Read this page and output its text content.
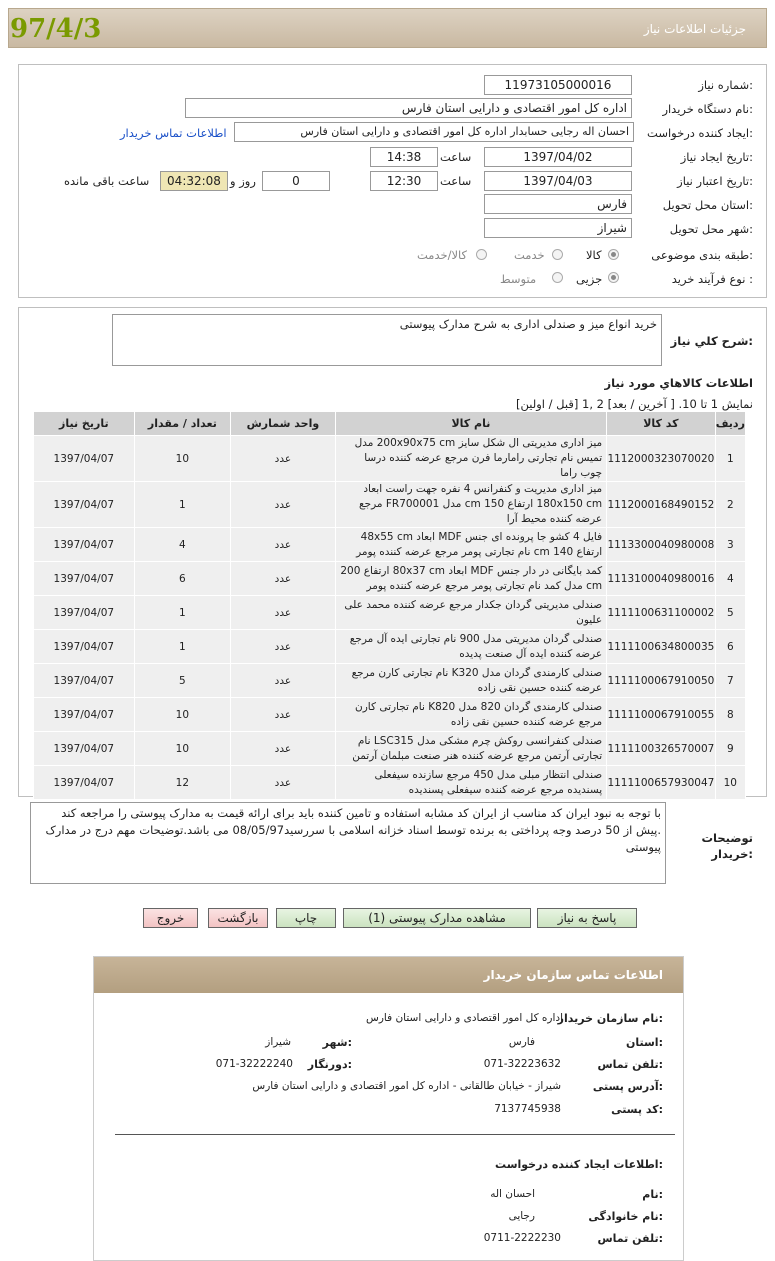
جزئیات اطلاعات نیاز
97/4/3
شماره نیاز:
11973105000016
نام دستگاه خریدار:
اداره کل امور اقتصادی و دارایی استان فارس
ایجاد کننده درخواست:
احسان اله رجایی حسابدار اداره کل امور اقتصادی و دارایی استان فارس
اطلاعات تماس خریدار
تاریخ ایجاد نیاز:
1397/04/02
ساعت
14:38
تاریخ اعتبار نیاز:
1397/04/03
ساعت
12:30
0
روز و
04:32:08
ساعت باقی مانده
استان محل تحویل:
فارس
شهر محل تحویل:
شیراز
طبقه بندی موضوعی:
کالا
خدمت
کالا/خدمت
نوع فرآیند خرید :
جزیی
متوسط
شرح کلي نياز:
خرید انواع میز و صندلی اداری به شرح مدارک پیوستی
اطلاعات کالاهاي مورد نياز
نمایش 1 تا 10. [ آخرین / بعد] 2 ,1 [قبل / اولین]
ردیف	کد کالا	نام کالا	واحد شمارش	تعداد / مقدار	تاریخ نیاز
1	1112000323070020	میز اداری مدیریتی ال شکل سایز 200x90x75 cm مدل تمیس نام تجارتی رامارما فرن مرجع عرضه کننده درسا چوب راما	عدد	10	1397/04/07
2	1112000168490152	میز اداری مدیریت و کنفرانس 4 نفره جهت راست ابعاد 180x150 cm ارتفاع 150 cm مدل FR700001 مرجع عرضه کننده محیط آرا	عدد	1	1397/04/07
3	1113300040980008	فایل 4 کشو جا پرونده ای جنس MDF ابعاد 48x55 cm ارتفاع 140 cm نام تجارتی پومر مرجع عرضه کننده پومر	عدد	4	1397/04/07
4	1113100040980016	کمد بایگانی در دار جنس MDF ابعاد 80x37 cm ارتفاع 200 cm مدل کمد نام تجارتی پومر مرجع عرضه کننده پومر	عدد	6	1397/04/07
5	1111100631100002	صندلی مدیریتی گردان جکدار مرجع عرضه کننده محمد علی علیون	عدد	1	1397/04/07
6	1111100634800035	صندلی گردان مدیریتی مدل 900 نام تجارتی ایده آل مرجع عرضه کننده ایده آل صنعت پدیده	عدد	1	1397/04/07
7	1111100067910050	صندلی کارمندی گردان مدل K320 نام تجارتی کارن مرجع عرضه کننده حسین نقی زاده	عدد	5	1397/04/07
8	1111100067910055	صندلی کارمندی گردان 820 مدل K820 نام تجارتی کارن مرجع عرضه کننده حسین نقی زاده	عدد	10	1397/04/07
9	1111100326570007	صندلی کنفرانسی روکش چرم مشکی مدل LSC315 نام تجارتی آرتمن مرجع عرضه کننده هنر صنعت مبلمان آرتمن	عدد	10	1397/04/07
10	1111100657930047	صندلی انتظار مبلی مدل 450 مرجع سازنده سیفعلی پسندیده مرجع عرضه کننده سیفعلی پسندیده	عدد	12	1397/04/07
توضیحات خریدار:
با توجه به نبود ایران کد مناسب از ایران کد مشابه استفاده و تامین کننده باید برای ارائه قیمت به مدارک پیوستی را مراجعه کند .پیش از 50 درصد وجه پرداختی به برنده توسط اسناد خزانه اسلامی با سررسید08/05/97 می باشد.توضیحات مهم درج در مدارک پیوستی
پاسخ به نیاز
مشاهده مدارک پیوستی (1)
چاپ
بازگشت
خروج
اطلاعات تماس سازمان خریدار
نام سازمان خریدار:
اداره کل امور اقتصادی و دارایی استان فارس
استان:
فارس
شهر:
شیراز
تلفن تماس:
071-32223632
دورنگار:
071-32222240
آدرس پستی:
شیراز - خیابان طالقانی - اداره کل امور اقتصادی و دارایی استان فارس
کد پستی:
7137745938
اطلاعات ایجاد کننده درخواست:
نام:
احسان اله
نام خانوادگی:
رجایی
تلفن تماس:
0711-2222230
